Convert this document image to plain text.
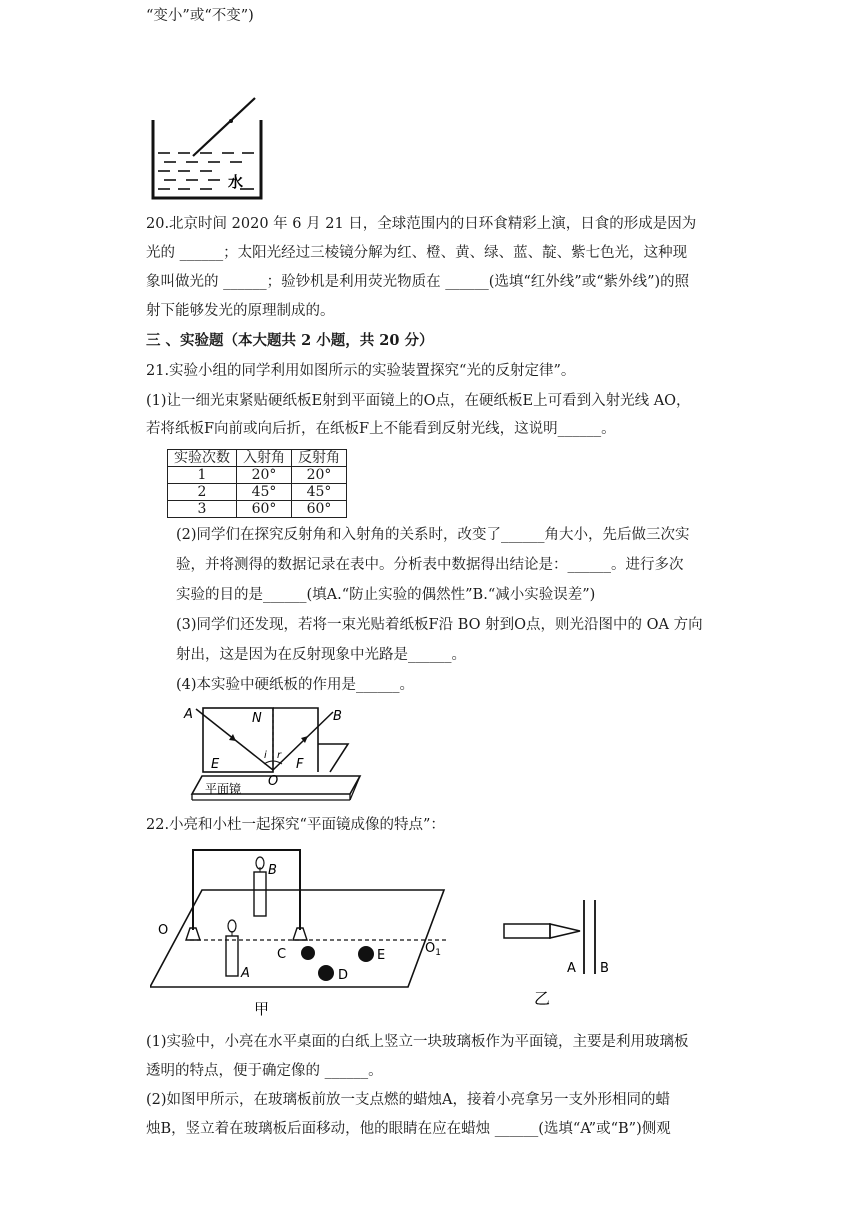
“变小”或“不变”)
水
20.北京时间 2020 年 6 月 21 日，全球范围内的日环食精彩上演，日食的形成是因为
光的 ______；太阳光经过三棱镜分解为红、橙、黄、绿、蓝、靛、紫七色光，这种现
象叫做光的 ______；验钞机是利用荧光物质在 ______(选填“红外线”或“紫外线”)的照
射下能够发光的原理制成的。
三 、实验题（本大题共 2 小题，共 20 分）
21.实验小组的同学利用如图所示的实验装置探究“光的反射定律”。
(1)让一细光束紧贴硬纸板E射到平面镜上的O点，在硬纸板E上可看到入射光线 AO，
若将纸板F向前或向后折，在纸板F上不能看到反射光线，这说明______。
实验次数	入射角	反射角
1	20°	20°
2	45°	45°
3	60°	60°
(2)同学们在探究反射角和入射角的关系时，改变了______角大小，先后做三次实
验，并将测得的数据记录在表中。分析表中数据得出结论是：______。进行多次
实验的目的是______(填A.“防止实验的偶然性”B.“减小实验误差”)
(3)同学们还发现，若将一束光贴着纸板F沿 BO 射到O点，则光沿图中的 OA 方向
射出，这是因为在反射现象中光路是______。
(4)本实验中硬纸板的作用是______。
A	N	B
i r
E
O
F
平面镜
22.小亮和小杜一起探究“平面镜成像的特点”：
B
O
$O_1$
C	E
A	D
甲
A B
乙
(1)实验中，小亮在水平桌面的白纸上竖立一块玻璃板作为平面镜，主要是利用玻璃板
透明的特点，便于确定像的 ______。
(2)如图甲所示，在玻璃板前放一支点燃的蜡烛A，接着小亮拿另一支外形相同的蜡
烛B，竖立着在玻璃板后面移动，他的眼睛在应在蜡烛 ______(选填“A”或“B”)侧观
